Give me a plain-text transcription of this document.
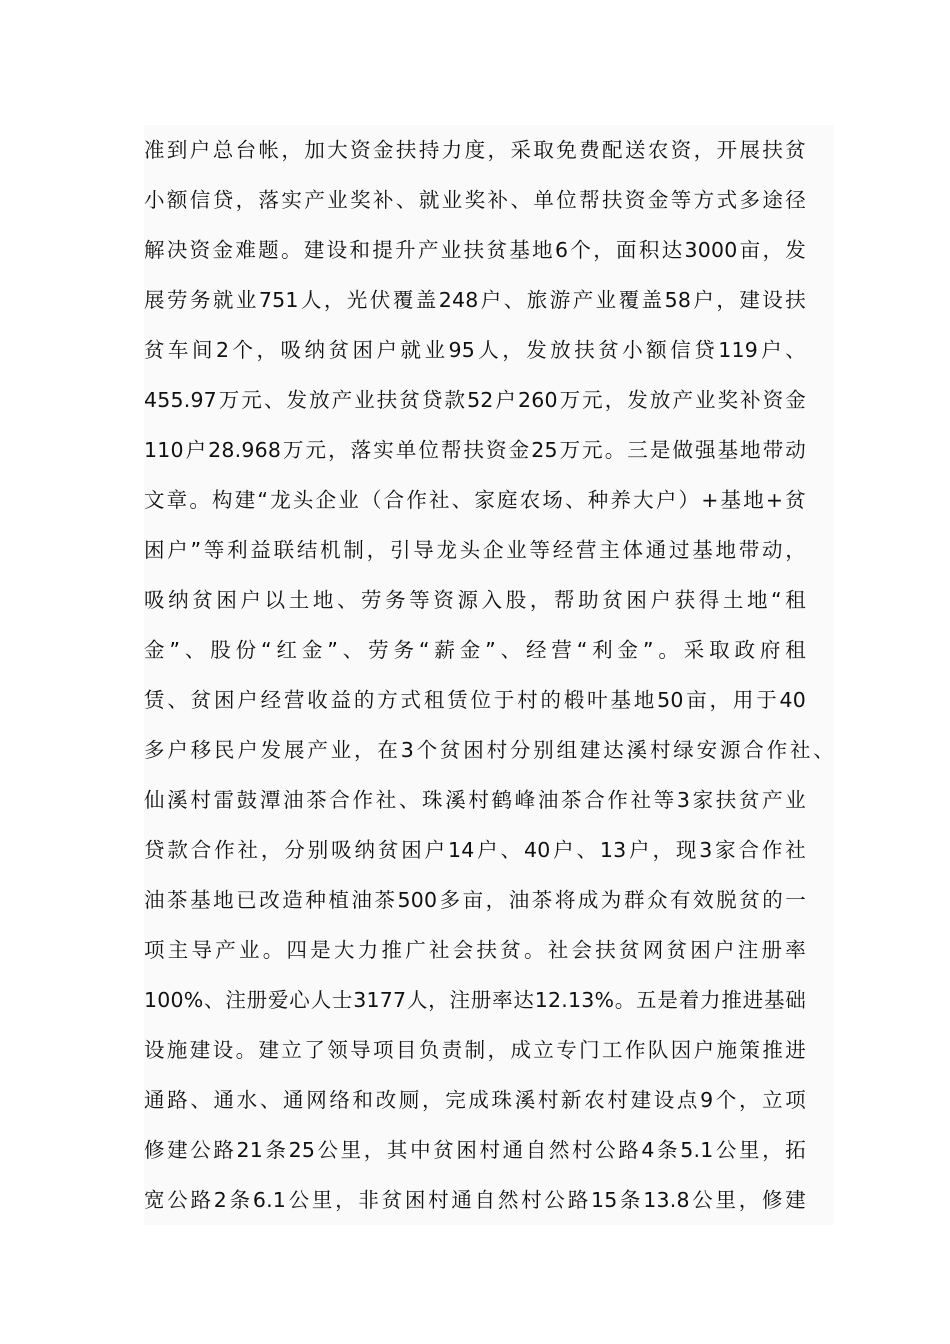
准到户总台帐，加大资金扶持力度，采取免费配送农资，开展扶贫
小额信贷，落实产业奖补、就业奖补、单位帮扶资金等方式多途径
解决资金难题。建设和提升产业扶贫基地6个，面积达3000亩，发
展劳务就业751人，光伏覆盖248户、旅游产业覆盖58户，建设扶
贫车间2个，吸纳贫困户就业95人，发放扶贫小额信贷119户、
455.97万元、发放产业扶贫贷款52户260万元，发放产业奖补资金
110户28.968万元，落实单位帮扶资金25万元。三是做强基地带动
文章。构建“龙头企业（合作社、家庭农场、种养大户）+基地+贫
困户”等利益联结机制，引导龙头企业等经营主体通过基地带动，
吸纳贫困户以土地、劳务等资源入股，帮助贫困户获得土地“租
金”、股份“红金”、劳务“薪金”、经营“利金”。采取政府租
赁、贫困户经营收益的方式租赁位于村的椴叶基地50亩，用于40
多户移民户发展产业，在3个贫困村分别组建达溪村绿安源合作社、
仙溪村雷鼓潭油茶合作社、珠溪村鹤峰油茶合作社等3家扶贫产业
贷款合作社，分别吸纳贫困户14户、40户、13户，现3家合作社
油茶基地已改造种植油茶500多亩，油茶将成为群众有效脱贫的一
项主导产业。四是大力推广社会扶贫。社会扶贫网贫困户注册率
100%、注册爱心人士3177人，注册率达12.13%。五是着力推进基础
设施建设。建立了领导项目负责制，成立专门工作队因户施策推进
通路、通水、通网络和改厕，完成珠溪村新农村建设点9个，立项
修建公路21条25公里，其中贫困村通自然村公路4条5.1公里，拓
宽公路2条6.1公里，非贫困村通自然村公路15条13.8公里，修建
